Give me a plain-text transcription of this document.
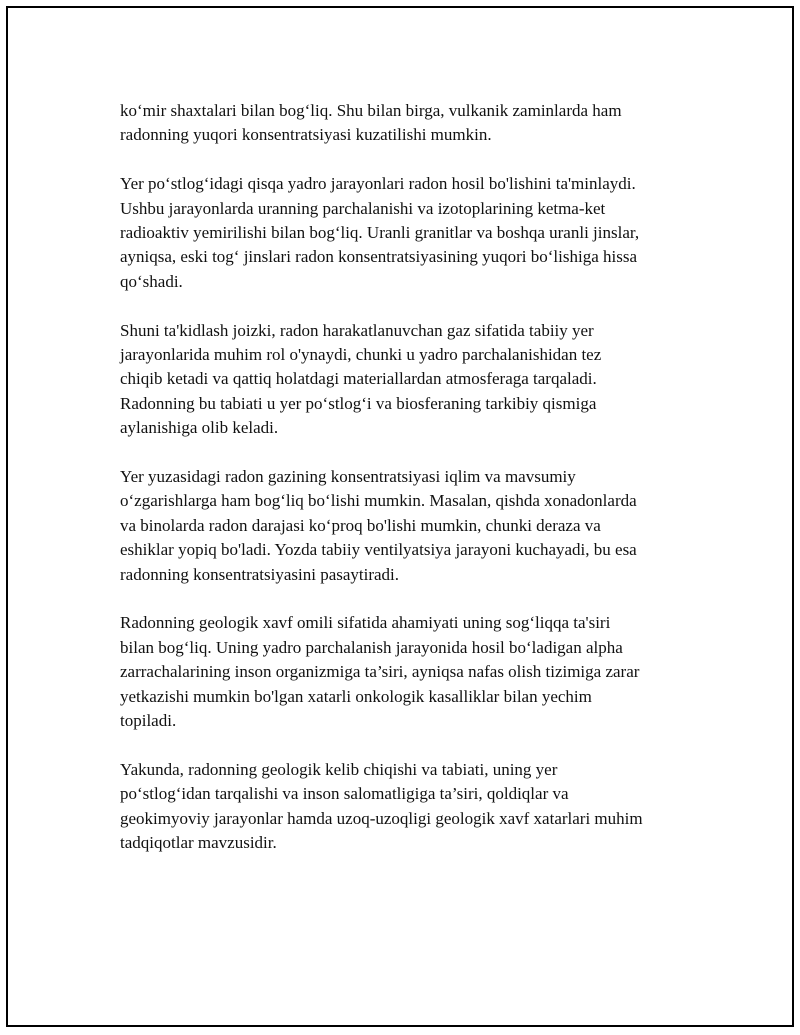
ko‘mir shaxtalari bilan bog‘liq. Shu bilan birga, vulkanik zaminlarda ham
radonning yuqori konsentratsiyasi kuzatilishi mumkin.

Yer po‘stlog‘idagi qisqa yadro jarayonlari radon hosil bo'lishini ta'minlaydi.
Ushbu jarayonlarda uranning parchalanishi va izotoplarining ketma-ket
radioaktiv yemirilishi bilan bog‘liq. Uranli granitlar va boshqa uranli jinslar,
ayniqsa, eski tog‘ jinslari radon konsentratsiyasining yuqori bo‘lishiga hissa
qo‘shadi.

Shuni ta'kidlash joizki, radon harakatlanuvchan gaz sifatida tabiiy yer
jarayonlarida muhim rol o'ynaydi, chunki u yadro parchalanishidan tez
chiqib ketadi va qattiq holatdagi materiallardan atmosferaga tarqaladi.
Radonning bu tabiati u yer po‘stlog‘i va biosferaning tarkibiy qismiga
aylanishiga olib keladi.

Yer yuzasidagi radon gazining konsentratsiyasi iqlim va mavsumiy
o‘zgarishlarga ham bog‘liq bo‘lishi mumkin. Masalan, qishda xonadonlarda
va binolarda radon darajasi ko‘proq bo'lishi mumkin, chunki deraza va
eshiklar yopiq bo'ladi. Yozda tabiiy ventilyatsiya jarayoni kuchayadi, bu esa
radonning konsentratsiyasini pasaytiradi.

Radonning geologik xavf omili sifatida ahamiyati uning sog‘liqqa ta'siri
bilan bog‘liq. Uning yadro parchalanish jarayonida hosil bo‘ladigan alpha
zarrachalarining inson organizmiga ta’siri, ayniqsa nafas olish tizimiga zarar
yetkazishi mumkin bo'lgan xatarli onkologik kasalliklar bilan yechim
topiladi.

Yakunda, radonning geologik kelib chiqishi va tabiati, uning yer
po‘stlog‘idan tarqalishi va inson salomatligiga ta’siri, qoldiqlar va
geokimyoviy jarayonlar hamda uzoq-uzoqligi geologik xavf xatarlari muhim
tadqiqotlar mavzusidir.
